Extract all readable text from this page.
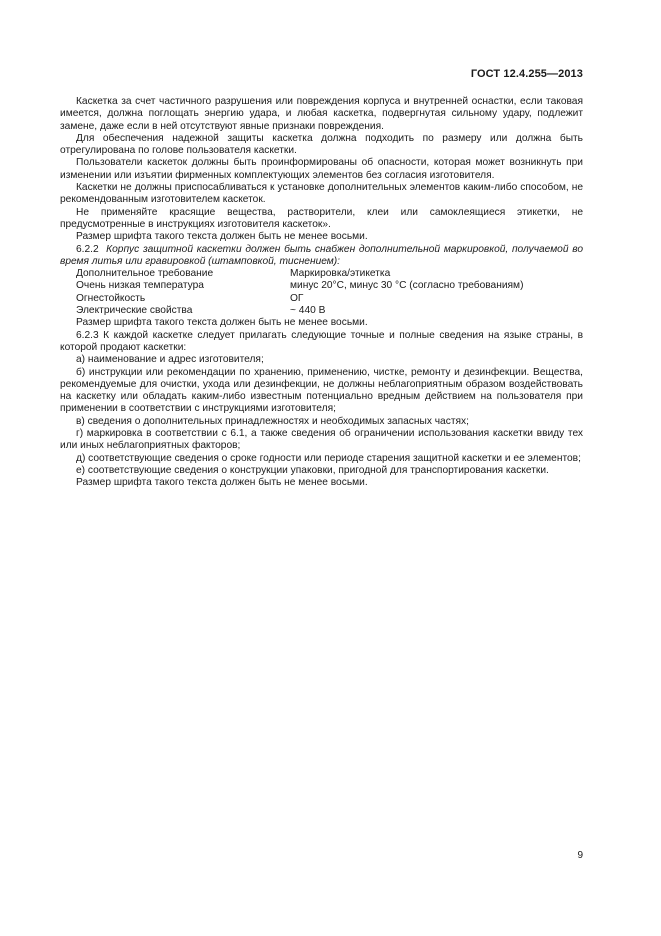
ГОСТ 12.4.255—2013

Каскетка за счет частичного разрушения или повреждения корпуса и внутренней оснастки, если таковая имеется, должна поглощать энергию удара, и любая каскетка, подвергнутая сильному удару, подлежит замене, даже если в ней отсутствуют явные признаки повреждения.

Для обеспечения надежной защиты каскетка должна подходить по размеру или должна быть отрегулирована по голове пользователя каскетки.

Пользователи каскеток должны быть проинформированы об опасности, которая может возникнуть при изменении или изъятии фирменных комплектующих элементов без согласия изготовителя.

Каскетки не должны приспосабливаться к установке дополнительных элементов каким-либо способом, не рекомендованным изготовителем каскеток.

Не применяйте красящие вещества, растворители, клеи или самоклеящиеся этикетки, не предусмотренные в инструкциях изготовителя каскеток».

Размер шрифта такого текста должен быть не менее восьми.

6.2.2 Корпус защитной каскетки должен быть снабжен дополнительной маркировкой, получаемой во время литья или гравировкой (штамповкой, тиснением):

Дополнительное требование	Маркировка/этикетка
Очень низкая температура	минус 20°С, минус 30 °С (согласно требованиям)
Огнестойкость	ОГ
Электрические свойства	~ 440 В

Размер шрифта такого текста должен быть не менее восьми.

6.2.3 К каждой каскетке следует прилагать следующие точные и полные сведения на языке страны, в которой продают каскетки:

а) наименование и адрес изготовителя;

б) инструкции или рекомендации по хранению, применению, чистке, ремонту и дезинфекции. Вещества, рекомендуемые для очистки, ухода или дезинфекции, не должны неблагоприятным образом воздействовать на каскетку или обладать каким-либо известным потенциально вредным действием на пользователя при применении в соответствии с инструкциями изготовителя;

в) сведения о дополнительных принадлежностях и необходимых запасных частях;

г) маркировка в соответствии с 6.1, а также сведения об ограничении использования каскетки ввиду тех или иных неблагоприятных факторов;

д) соответствующие сведения о сроке годности или периоде старения защитной каскетки и ее элементов;

е) соответствующие сведения о конструкции упаковки, пригодной для транспортирования каскетки.

Размер шрифта такого текста должен быть не менее восьми.

9
